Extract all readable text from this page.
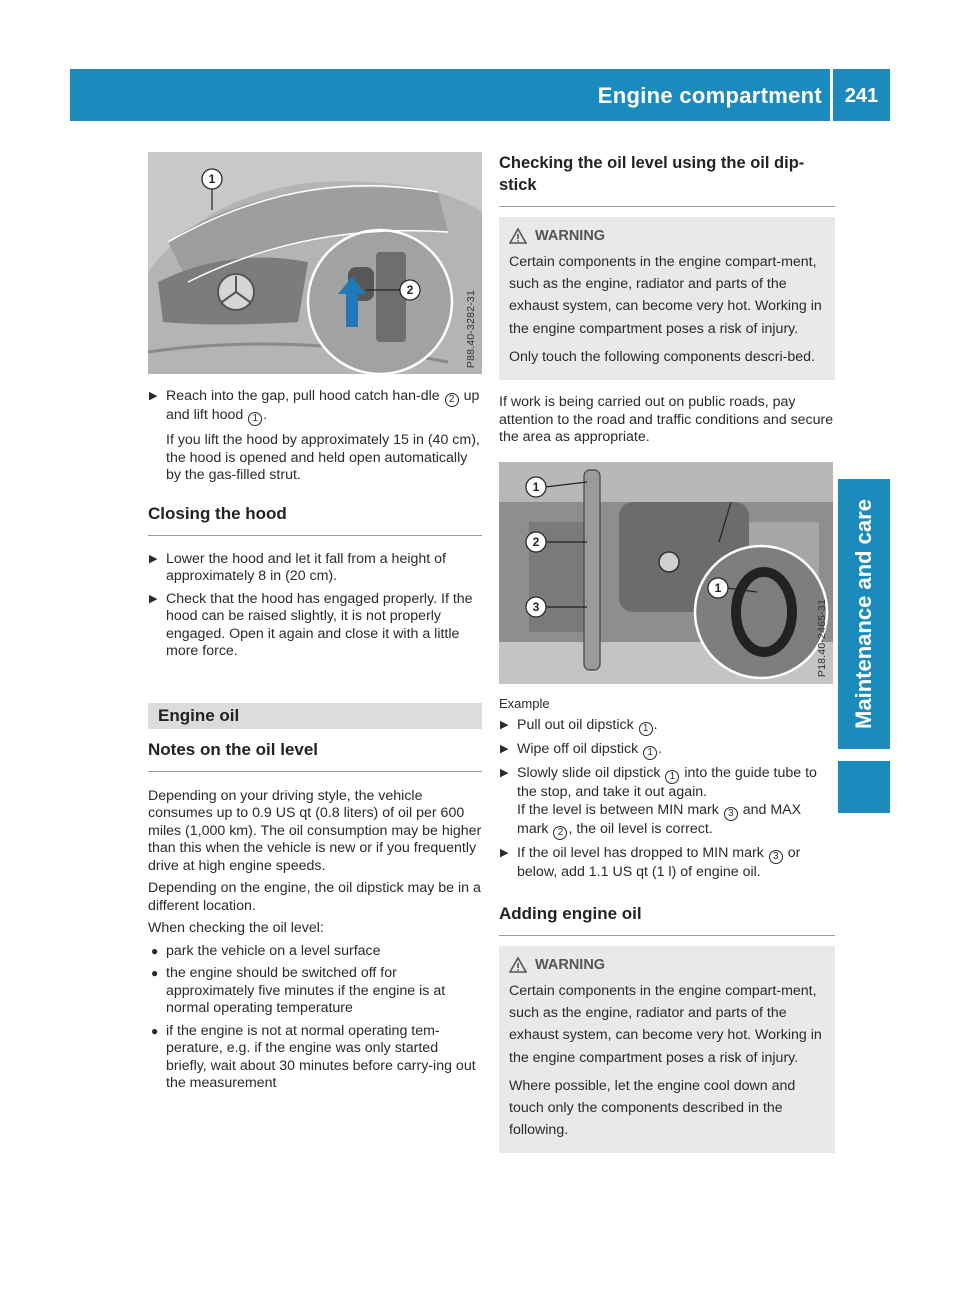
Engine compartment	241
Maintenance and care
2
1
P88.40-3282-31
▶ Reach into the gap, pull hood catch han-dle 2 up and lift hood 1 .
If you lift the hood by approximately 15 in (40 cm), the hood is opened and held open automatically by the gas-filled strut.
Closing the hood
▶ Lower the hood and let it fall from a height of approximately 8 in (20 cm).
▶ Check that the hood has engaged properly. If the hood can be raised slightly, it is not properly engaged. Open it again and close it with a little more force.
Engine oil
Notes on the oil level
Depending on your driving style, the vehicle consumes up to 0.9 US qt (0.8 liters) of oil per 600 miles (1,000 km). The oil consumption may be higher than this when the vehicle is new or if you frequently drive at high engine speeds.
Depending on the engine, the oil dipstick may be in a different location.
When checking the oil level:
● park the vehicle on a level surface
● the engine should be switched off for approximately five minutes if the engine is at normal operating temperature
● if the engine is not at normal operating tem-perature, e.g. if the engine was only started briefly, wait about 30 minutes before carry-ing out the measurement
Checking the oil level using the oil dip-stick
WARNING
Certain components in the engine compart-ment, such as the engine, radiator and parts of the exhaust system, can become very hot. Working in the engine compartment poses a risk of injury.
Only touch the following components descri-bed.
If work is being carried out on public roads, pay attention to the road and traffic conditions and secure the area as appropriate.
1
2
3
1
P18.40-2465-31
Example
▶ Pull out oil dipstick 1 .
▶ Wipe off oil dipstick 1 .
▶ Slowly slide oil dipstick 1 into the guide tube to the stop, and take it out again.
If the level is between MIN mark 3 and MAX mark 2 , the oil level is correct.
▶ If the oil level has dropped to MIN mark 3 or below, add 1.1 US qt (1 l) of engine oil.
Adding engine oil
WARNING
Certain components in the engine compart-ment, such as the engine, radiator and parts of the exhaust system, can become very hot. Working in the engine compartment poses a risk of injury.
Where possible, let the engine cool down and touch only the components described in the following.
